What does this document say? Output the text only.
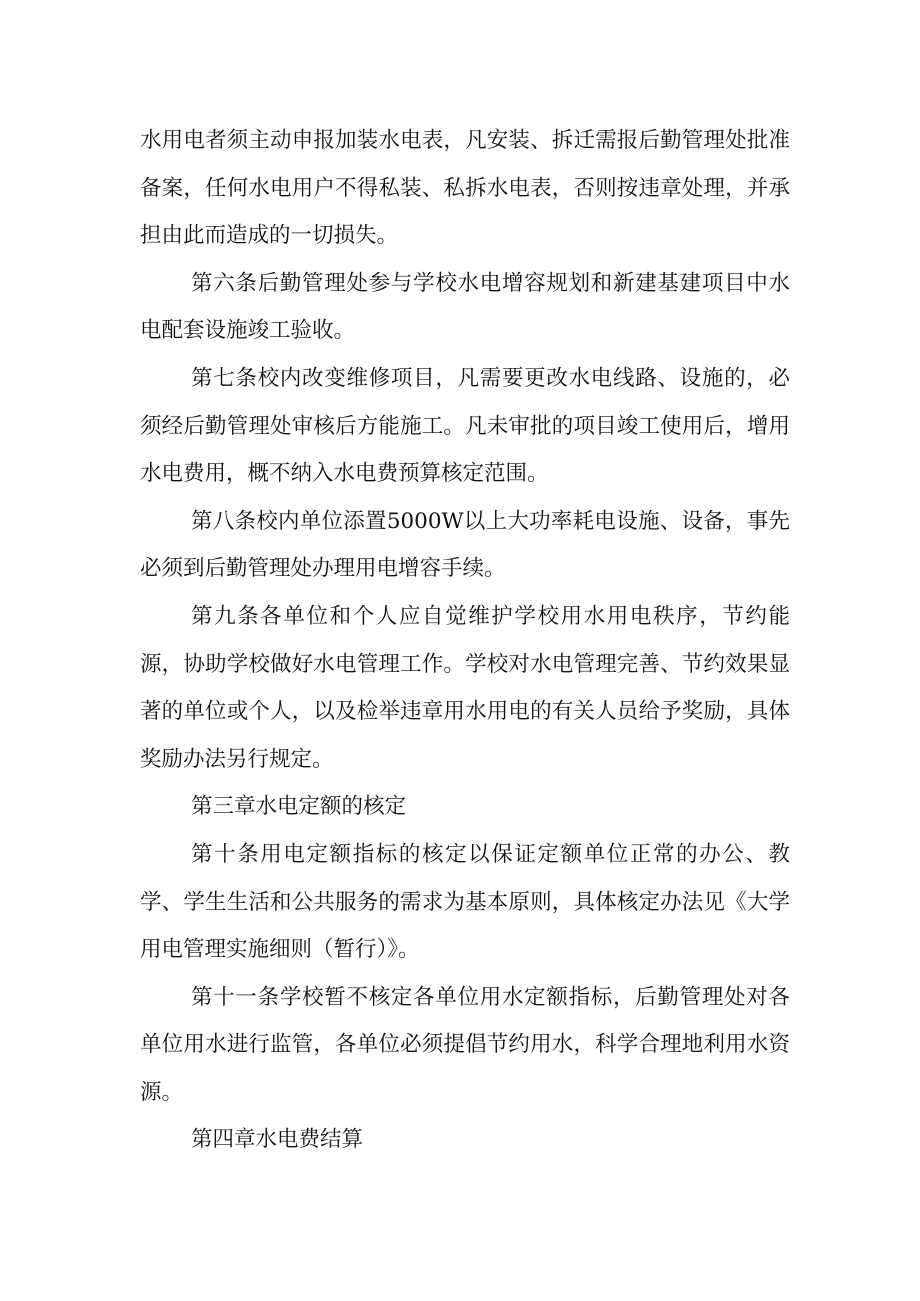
水用电者须主动申报加装水电表，凡安装、拆迁需报后勤管理处批准备案，任何水电用户不得私装、私拆水电表，否则按违章处理，并承担由此而造成的一切损失。

第六条后勤管理处参与学校水电增容规划和新建基建项目中水电配套设施竣工验收。

第七条校内改变维修项目，凡需要更改水电线路、设施的，必须经后勤管理处审核后方能施工。凡未审批的项目竣工使用后，增用水电费用，概不纳入水电费预算核定范围。

第八条校内单位添置5000W以上大功率耗电设施、设备，事先必须到后勤管理处办理用电增容手续。

第九条各单位和个人应自觉维护学校用水用电秩序，节约能源，协助学校做好水电管理工作。学校对水电管理完善、节约效果显著的单位或个人，以及检举违章用水用电的有关人员给予奖励，具体奖励办法另行规定。

第三章水电定额的核定

第十条用电定额指标的核定以保证定额单位正常的办公、教学、学生生活和公共服务的需求为基本原则，具体核定办法见《大学用电管理实施细则（暂行）》。

第十一条学校暂不核定各单位用水定额指标，后勤管理处对各单位用水进行监管，各单位必须提倡节约用水，科学合理地利用水资源。

第四章水电费结算
